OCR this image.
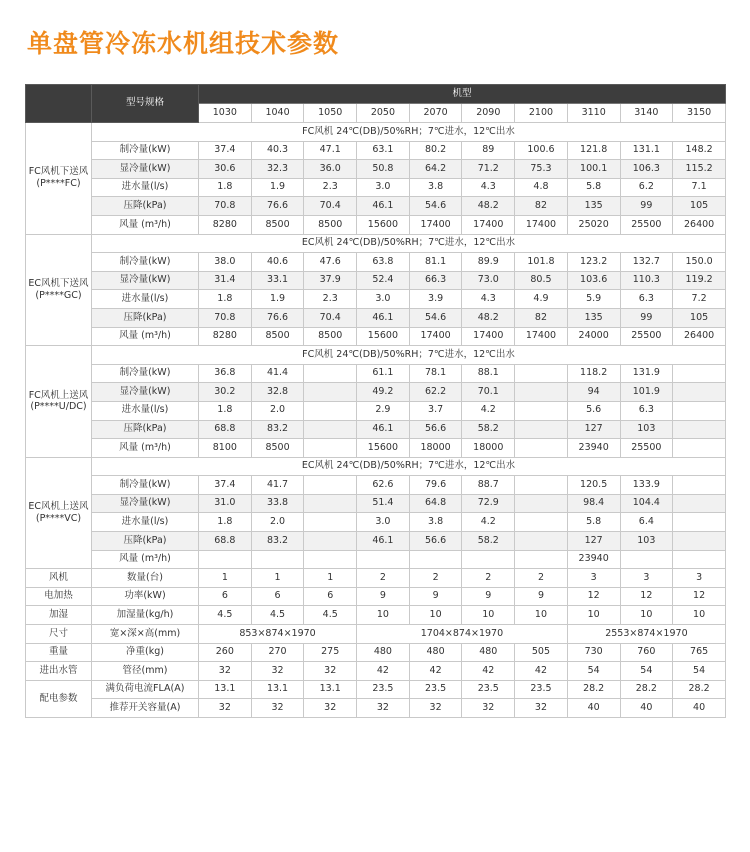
单盘管冷冻水机组技术参数
	型号规格	机型									
		1030	1040	1050	2050	2070	2090	2100	3110	3140	3150
FC风机下送风(P****FC)	FC风机 24℃(DB)/50%RH；7℃进水，12℃出水										
	制冷量(kW)	37.4	40.3	47.1	63.1	80.2	89	100.6	121.8	131.1	148.2
	显冷量(kW)	30.6	32.3	36.0	50.8	64.2	71.2	75.3	100.1	106.3	115.2
	进水量(l/s)	1.8	1.9	2.3	3.0	3.8	4.3	4.8	5.8	6.2	7.1
	压降(kPa)	70.8	76.6	70.4	46.1	54.6	48.2	82	135	99	105
	风量 (m³/h)	8280	8500	8500	15600	17400	17400	17400	25020	25500	26400
EC风机下送风(P****GC)	EC风机 24℃(DB)/50%RH；7℃进水，12℃出水										
	制冷量(kW)	38.0	40.6	47.6	63.8	81.1	89.9	101.8	123.2	132.7	150.0
	显冷量(kW)	31.4	33.1	37.9	52.4	66.3	73.0	80.5	103.6	110.3	119.2
	进水量(l/s)	1.8	1.9	2.3	3.0	3.9	4.3	4.9	5.9	6.3	7.2
	压降(kPa)	70.8	76.6	70.4	46.1	54.6	48.2	82	135	99	105
	风量 (m³/h)	8280	8500	8500	15600	17400	17400	17400	24000	25500	26400
FC风机上送风(P****U/DC)	FC风机 24℃(DB)/50%RH；7℃进水，12℃出水										
	制冷量(kW)	36.8	41.4		61.1	78.1	88.1		118.2	131.9	
	显冷量(kW)	30.2	32.8		49.2	62.2	70.1		94	101.9	
	进水量(l/s)	1.8	2.0		2.9	3.7	4.2		5.6	6.3	
	压降(kPa)	68.8	83.2		46.1	56.6	58.2		127	103	
	风量 (m³/h)	8100	8500		15600	18000	18000		23940	25500	
EC风机上送风(P****VC)	EC风机 24℃(DB)/50%RH；7℃进水，12℃出水										
	制冷量(kW)	37.4	41.7		62.6	79.6	88.7		120.5	133.9	
	显冷量(kW)	31.0	33.8		51.4	64.8	72.9		98.4	104.4	
	进水量(l/s)	1.8	2.0		3.0	3.8	4.2		5.8	6.4	
	压降(kPa)	68.8	83.2		46.1	56.6	58.2		127	103	
	风量 (m³/h)								23940		
风机	数量(台)	1	1	1	2	2	2	2	3	3	3
电加热	功率(kW)	6	6	6	9	9	9	9	12	12	12
加湿	加湿量(kg/h)	4.5	4.5	4.5	10	10	10	10	10	10	10
尺寸	宽×深×高(mm)	853×874×1970			1704×874×1970				2553×874×1970		
重量	净重(kg)	260	270	275	480	480	480	505	730	760	765
进出水管	管径(mm)	32	32	32	42	42	42	42	54	54	54
配电参数	满负荷电流FLA(A)	13.1	13.1	13.1	23.5	23.5	23.5	23.5	28.2	28.2	28.2
	推荐开关容量(A)	32	32	32	32	32	32	32	40	40	40
